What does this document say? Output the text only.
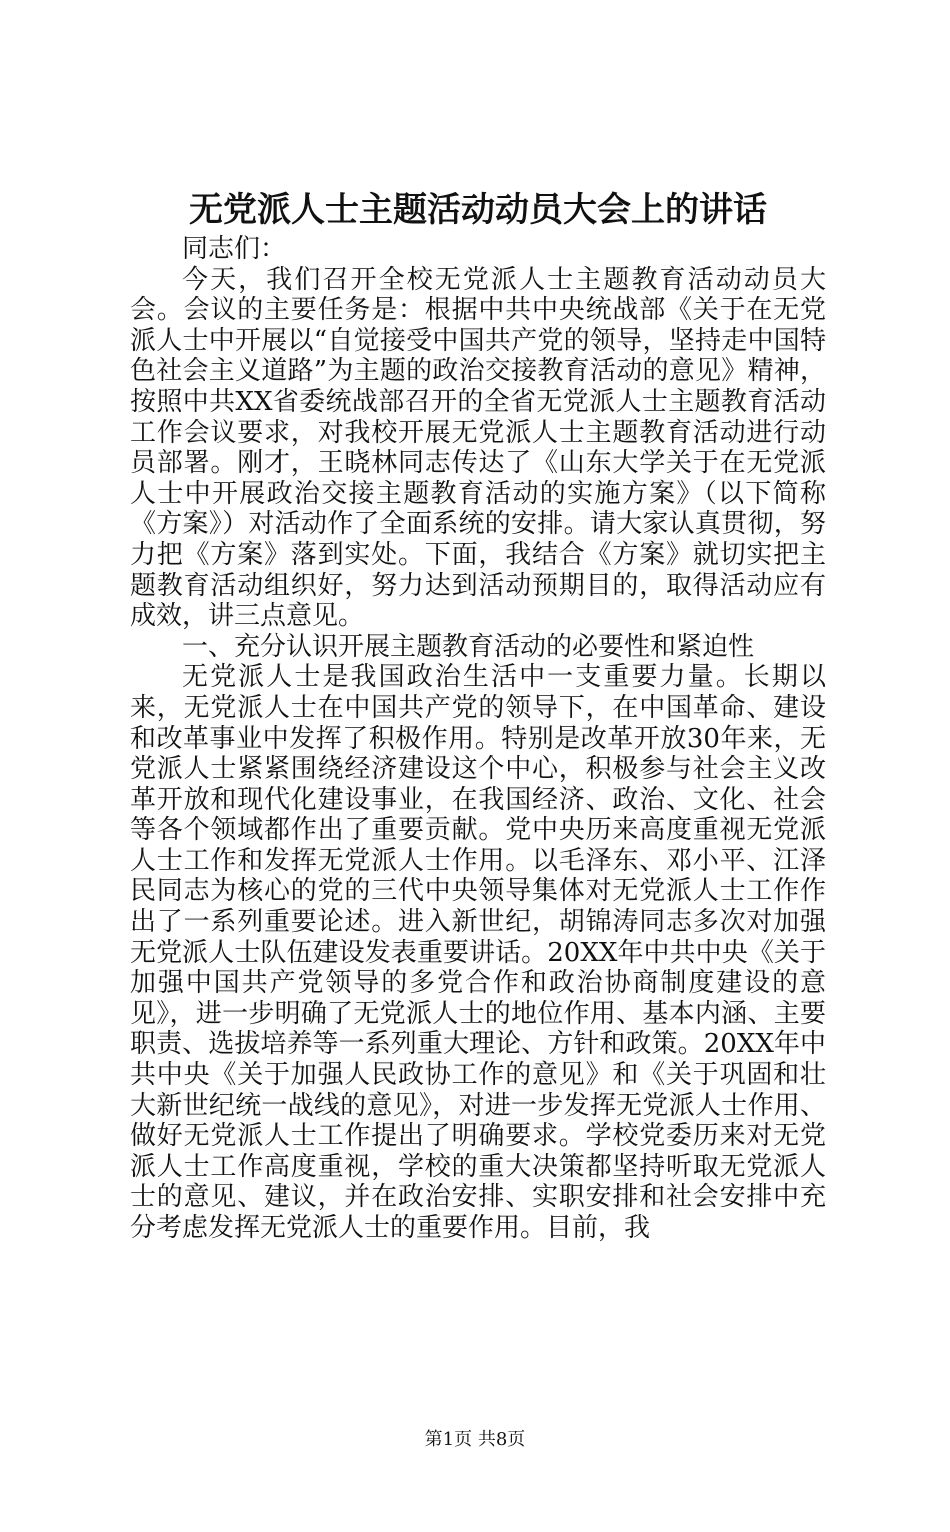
无党派人士主题活动动员大会上的讲话

同志们：

今天，我们召开全校无党派人士主题教育活动动员大会。会议的主要任务是：根据中共中央统战部《关于在无党派人士中开展以“自觉接受中国共产党的领导，坚持走中国特色社会主义道路”为主题的政治交接教育活动的意见》精神，按照中共XX省委统战部召开的全省无党派人士主题教育活动工作会议要求，对我校开展无党派人士主题教育活动进行动员部署。刚才，王晓林同志传达了《山东大学关于在无党派人士中开展政治交接主题教育活动的实施方案》（以下简称《方案》）对活动作了全面系统的安排。请大家认真贯彻，努力把《方案》落到实处。下面，我结合《方案》就切实把主题教育活动组织好，努力达到活动预期目的，取得活动应有成效，讲三点意见。

一、充分认识开展主题教育活动的必要性和紧迫性

无党派人士是我国政治生活中一支重要力量。长期以来，无党派人士在中国共产党的领导下，在中国革命、建设和改革事业中发挥了积极作用。特别是改革开放30年来，无党派人士紧紧围绕经济建设这个中心，积极参与社会主义改革开放和现代化建设事业，在我国经济、政治、文化、社会等各个领域都作出了重要贡献。党中央历来高度重视无党派人士工作和发挥无党派人士作用。以毛泽东、邓小平、江泽民同志为核心的党的三代中央领导集体对无党派人士工作作出了一系列重要论述。进入新世纪，胡锦涛同志多次对加强无党派人士队伍建设发表重要讲话。20XX年中共中央《关于加强中国共产党领导的多党合作和政治协商制度建设的意见》，进一步明确了无党派人士的地位作用、基本内涵、主要职责、选拔培养等一系列重大理论、方针和政策。20XX年中共中央《关于加强人民政协工作的意见》和《关于巩固和壮大新世纪统一战线的意见》，对进一步发挥无党派人士作用、做好无党派人士工作提出了明确要求。学校党委历来对无党派人士工作高度重视，学校的重大决策都坚持听取无党派人士的意见、建议，并在政治安排、实职安排和社会安排中充分考虑发挥无党派人士的重要作用。目前，我

第1页 共8页
